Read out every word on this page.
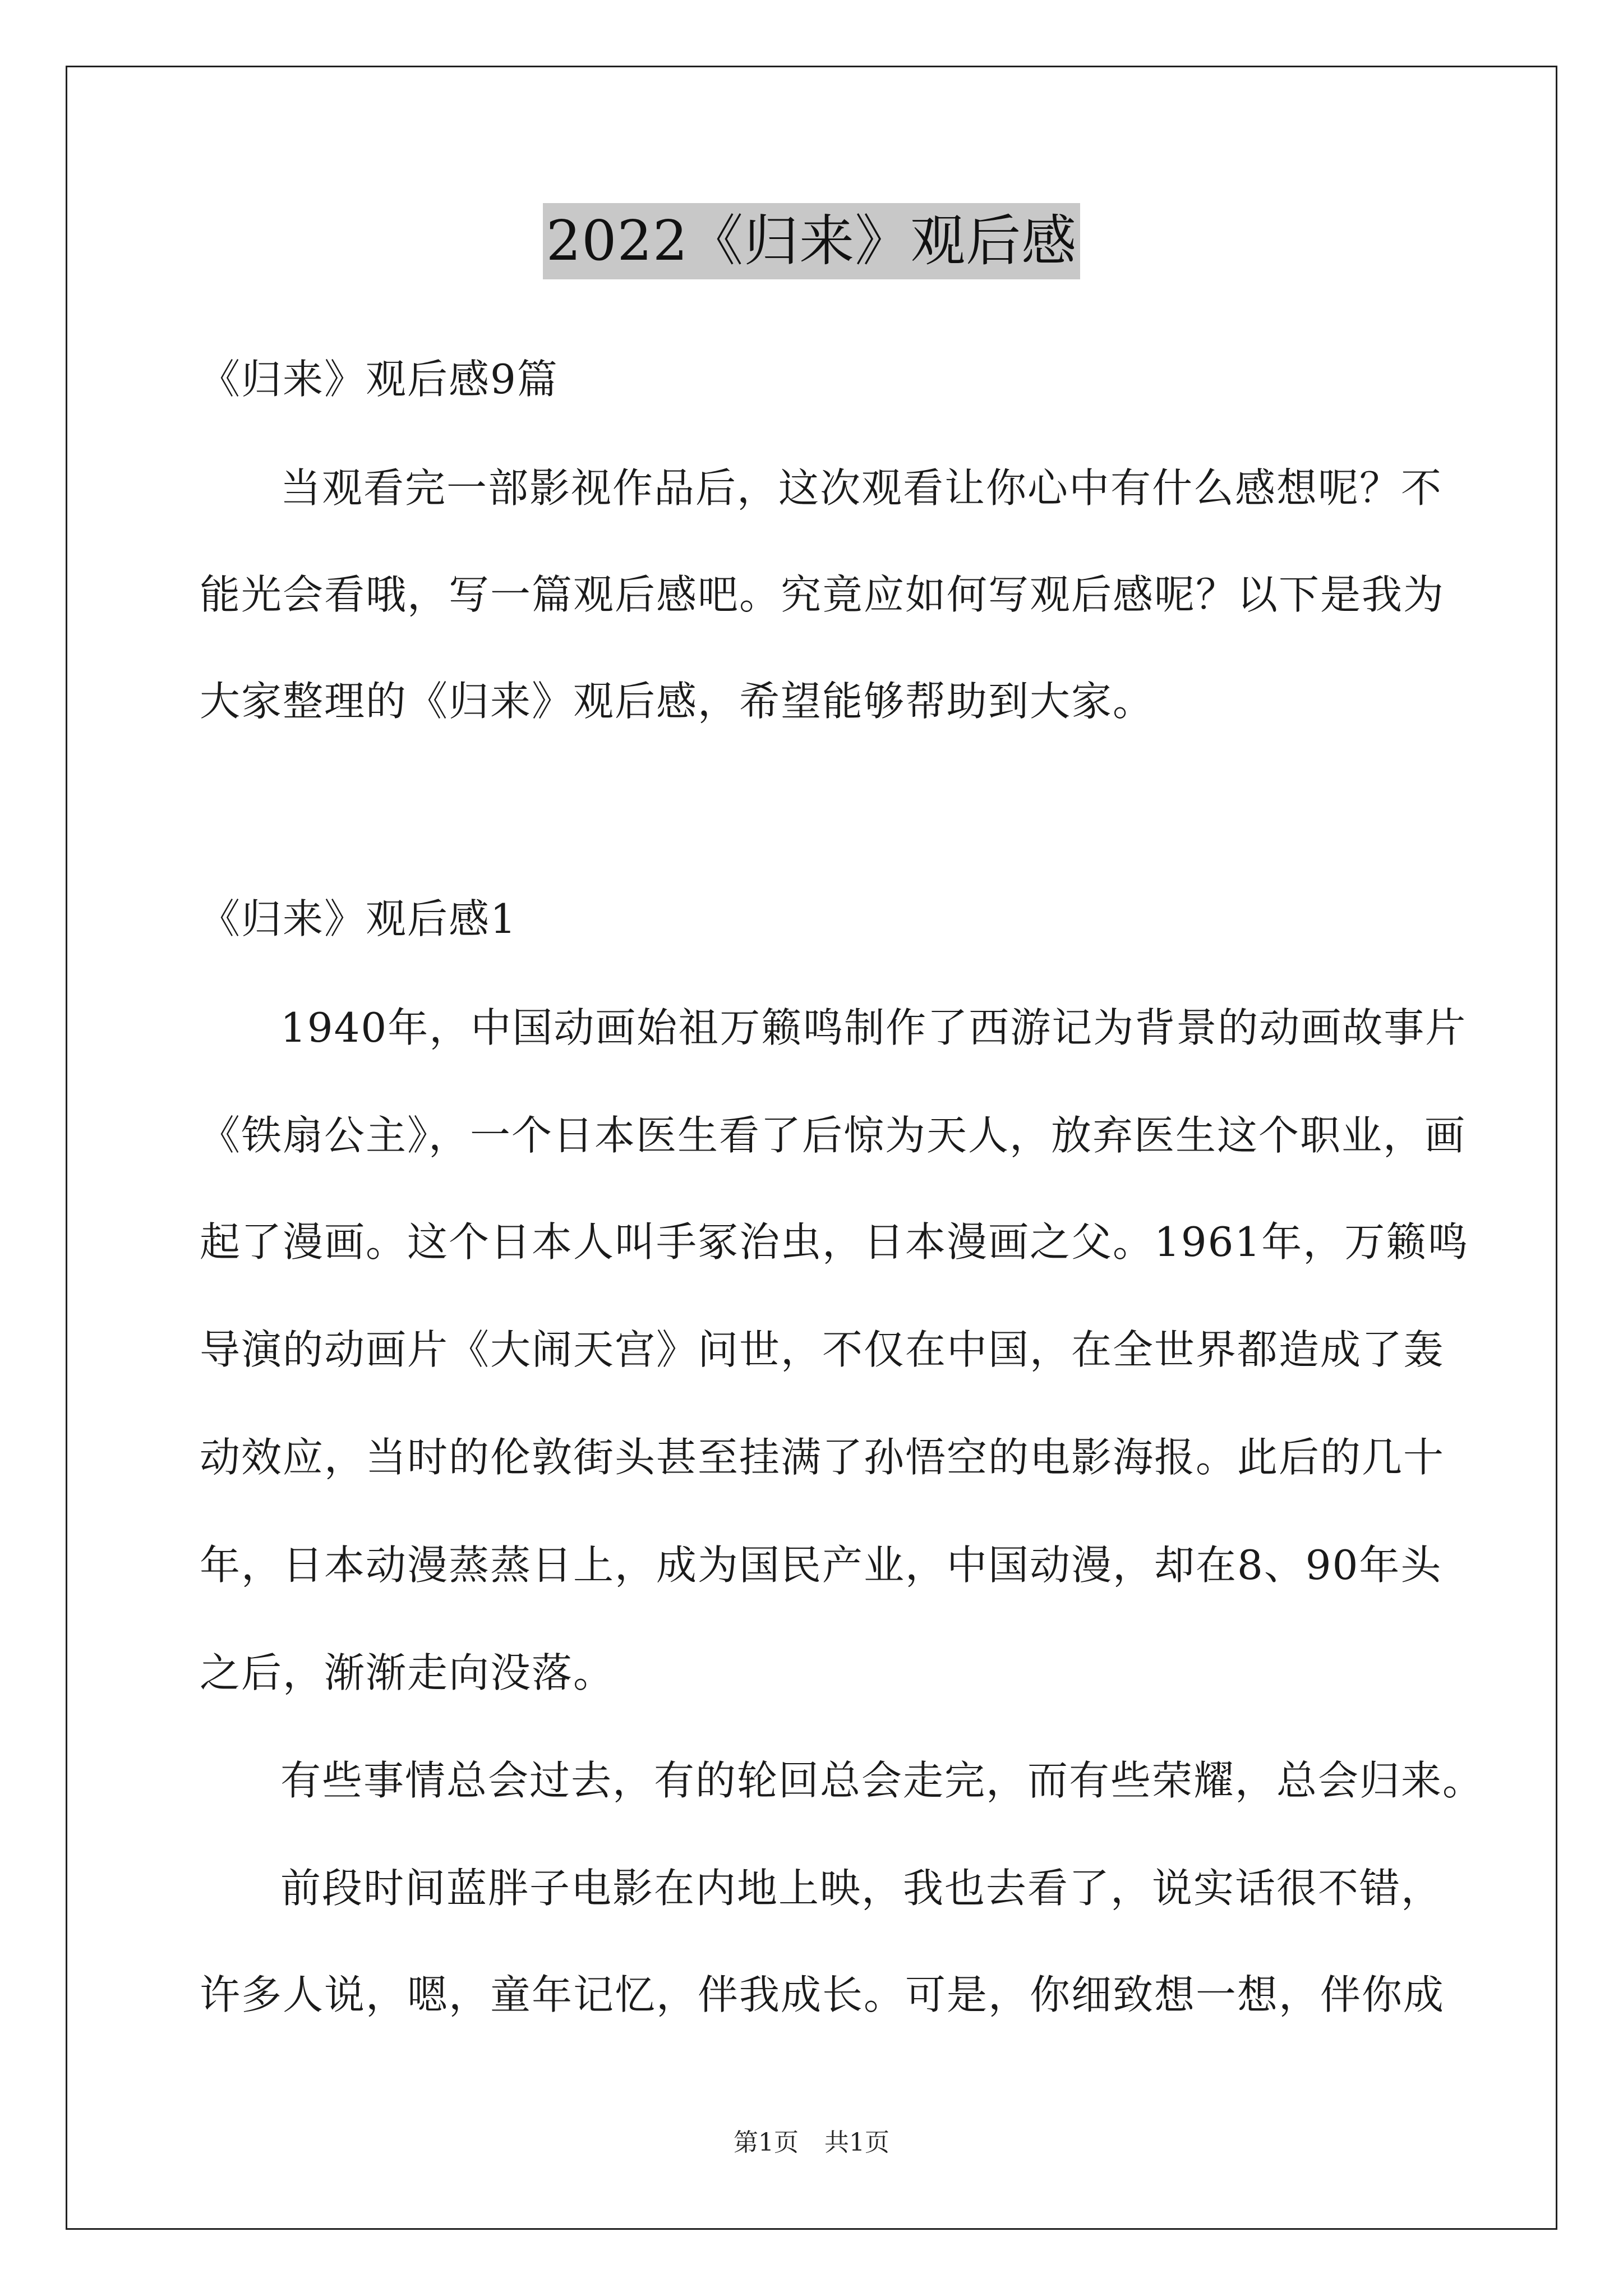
2022《归来》观后感
《归来》观后感9篇
当观看完一部影视作品后，这次观看让你心中有什么感想呢？不
能光会看哦，写一篇观后感吧。究竟应如何写观后感呢？以下是我为
大家整理的《归来》观后感，希望能够帮助到大家。
《归来》观后感1
1940年，中国动画始祖万籁鸣制作了西游记为背景的动画故事片
《铁扇公主》，一个日本医生看了后惊为天人，放弃医生这个职业，画
起了漫画。这个日本人叫手冢治虫，日本漫画之父。1961年，万籁鸣
导演的动画片《大闹天宫》问世，不仅在中国，在全世界都造成了轰
动效应，当时的伦敦街头甚至挂满了孙悟空的电影海报。此后的几十
年，日本动漫蒸蒸日上，成为国民产业，中国动漫，却在8、90年头
之后，渐渐走向没落。
有些事情总会过去，有的轮回总会走完，而有些荣耀，总会归来。
前段时间蓝胖子电影在内地上映，我也去看了，说实话很不错，
许多人说，嗯，童年记忆，伴我成长。可是，你细致想一想，伴你成
第1页 共1页
